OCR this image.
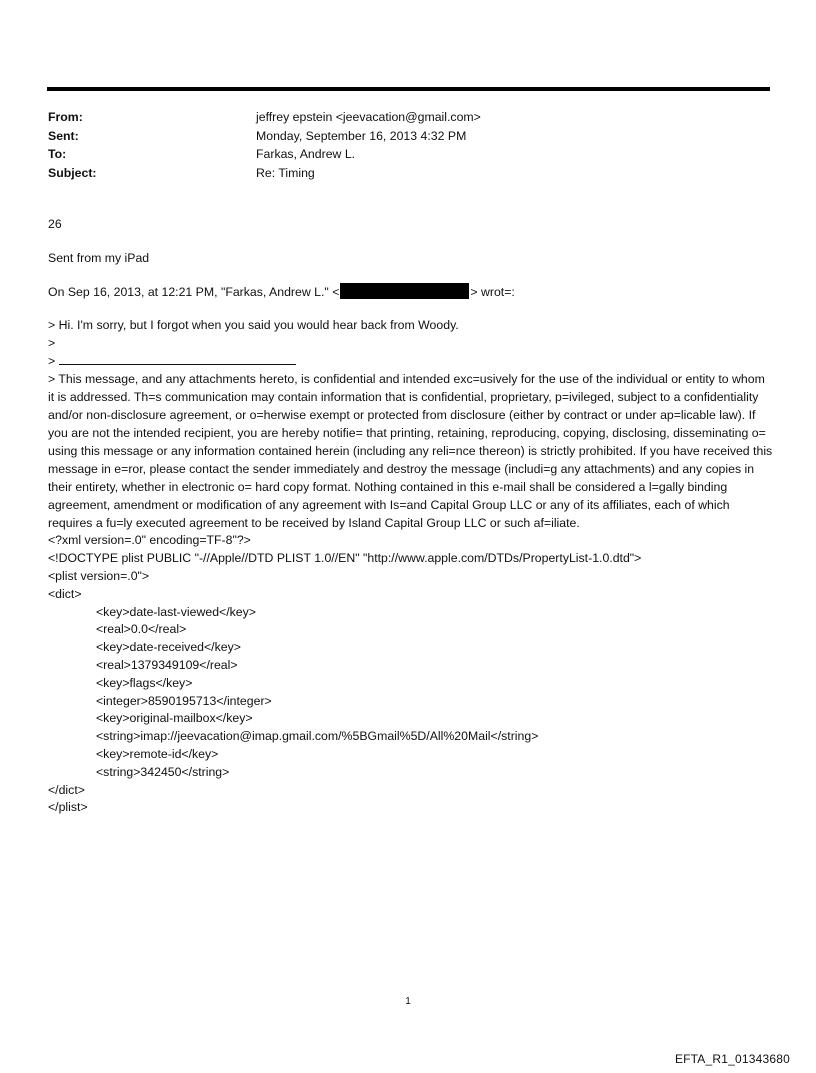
From:	jeffrey epstein <jeevacation@gmail.com>
Sent:	Monday, September 16, 2013 4:32 PM
To:	Farkas, Andrew L.
Subject:	Re: Timing

26

Sent from my iPad

On Sep 16, 2013, at 12:21 PM, "Farkas, Andrew L." <	> wrot=:

> Hi. I'm sorry, but I forgot when you said you would hear back from Woody.
>
>

> This message, and any attachments hereto, is confidential and intended exc=usively for the use of the individual or entity to whom it is addressed. Th=s communication may contain information that is confidential, proprietary, p=ivileged, subject to a confidentiality and/or non-disclosure agreement, or o=herwise exempt or protected from disclosure (either by contract or under ap=licable law). If you are not the intended recipient, you are hereby notifie= that printing, retaining, reproducing, copying, disclosing, disseminating o= using this message or any information contained herein (including any reli=nce thereon) is strictly prohibited. If you have received this message in e=ror, please contact the sender immediately and destroy the message (includi=g any attachments) and any copies in their entirety, whether in electronic o= hard copy format. Nothing contained in this e-mail shall be considered a l=gally binding agreement, amendment or modification of any agreement with Is=and Capital Group LLC or any of its affiliates, each of which requires a fu=ly executed agreement to be received by Island Capital Group LLC or such af=iliate.

<?xml version=.0" encoding=TF-8"?>
<!DOCTYPE plist PUBLIC "-//Apple//DTD PLIST 1.0//EN" "http://www.apple.com/DTDs/PropertyList-1.0.dtd">
<plist version=.0">
<dict>
<key>date-last-viewed</key>
<real>0.0</real>
<key>date-received</key>
<real>1379349109</real>
<key>flags</key>
<integer>8590195713</integer>
<key>original-mailbox</key>
<string>imap://jeevacation@imap.gmail.com/%5BGmail%5D/All%20Mail</string>
<key>remote-id</key>
<string>342450</string>
</dict>
</plist>
1
EFTA_R1_01343680
